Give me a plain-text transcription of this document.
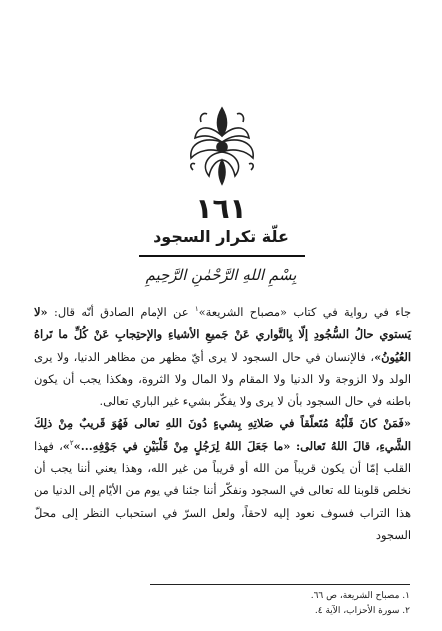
١٦١
علّة تكرار السجود
بِسْمِ اللهِ الرَّحْمٰنِ الرَّحِيمِ

جاء في رواية في كتاب «مصباح الشريعة»$^١$ عن الإمام الصادق أنّه قال: «لا يَستوي حالُ السُّجُودِ إلّا بِالتَّواري عَنْ جَميعِ الأشياءِ والإحتِجابِ عَنْ كُلِّ ما تَراهُ العُيُونُ»، فالإنسان في حال السجود لا يرى أيّ مظهر من مظاهر الدنيا، ولا يرى الولد ولا الزوجة ولا الدنيا ولا المقام ولا المال ولا الثروة، وهكذا يجب أن يكون باطنه في حال السجود بأن لا يرى ولا يفكّر بشيء غير الباري تعالى.

«فَمَنْ كانَ قَلْبُهُ مُتَعلّقاً في صَلاتِهِ بِشيءٍ دُونَ اللهِ تعالى فَهُوَ قَريبٌ مِنْ ذلِكَ الشَّيءِ، قالَ اللهُ تَعالى: «ما جَعَلَ اللهُ لِرَجُلٍ مِنْ قَلْبَيْنِ في جَوْفِهِ...»$^٢$»، فهذا القلب إمّا أن يكون قريباً من الله أو قريباً من غير الله، وهذا يعني أننا يجب أن نخلص قلوبنا لله تعالى في السجود ونفكّر أننا جئنا في يوم من الأيّام إلى الدنيا من هذا التراب فسوف نعود إليه لاحقاً، ولعل السرّ في استحباب النظر إلى محلّ السجود

١. مصباح الشريعة، ص ٦٦.
٢. سورة الأحزاب، الآية ٤.
